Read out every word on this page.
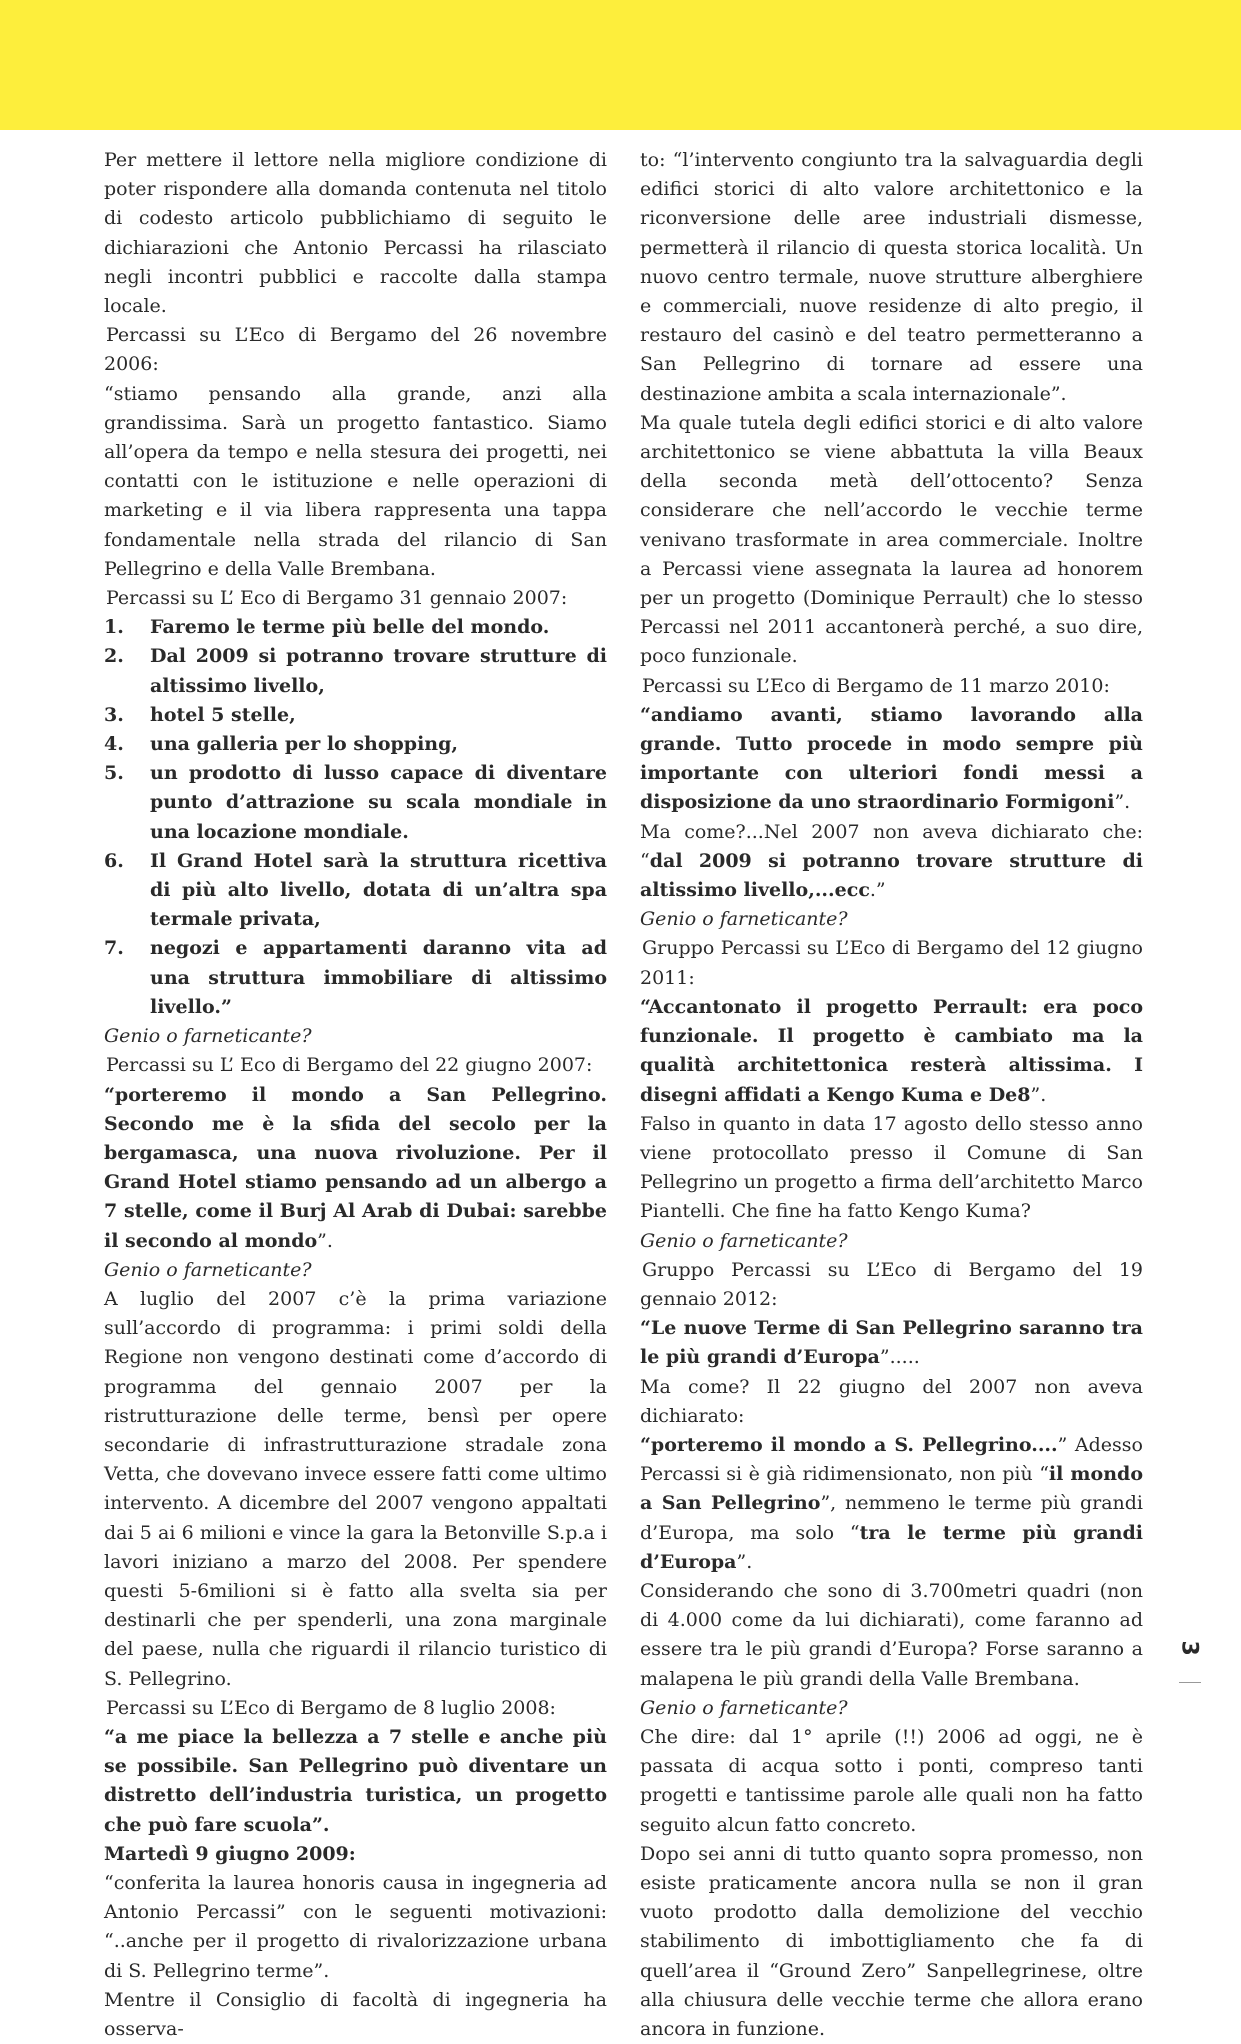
Per mettere il lettore nella migliore condizione di poter rispondere alla domanda contenuta nel titolo di codesto articolo pubblichiamo di seguito le dichiarazioni che Antonio Percassi ha rilasciato negli incontri pubblici e raccolte dalla stampa locale.

Percassi su L’Eco di Bergamo del 26 novembre 2006:

“stiamo pensando alla grande, anzi alla grandissima. Sarà un progetto fantastico. Siamo all’opera da tempo e nella stesura dei progetti, nei contatti con le istituzione e nelle operazioni di marketing e il via libera rappresenta una tappa fondamentale nella strada del rilancio di San Pellegrino e della Valle Brembana.

Percassi su L’ Eco di Bergamo 31 gennaio 2007:

1.	Faremo le terme più belle del mondo.
2.	Dal 2009 si potranno trovare strutture di altissimo livello,
3.	hotel 5 stelle,
4.	una galleria per lo shopping,
5.	un prodotto di lusso capace di diventare punto d’attrazione su scala mondiale in una locazione mondiale.
6.	Il Grand Hotel sarà la struttura ricettiva di più alto livello, dotata di un’altra spa termale privata,
7.	negozi e appartamenti daranno vita ad una struttura immobiliare di altissimo livello.”

Genio o farneticante?

Percassi su L’ Eco di Bergamo del 22 giugno 2007:

“porteremo il mondo a San Pellegrino. Secondo me è la sfida del secolo per la bergamasca, una nuova rivoluzione. Per il Grand Hotel stiamo pensando ad un albergo a 7 stelle, come il Burj Al Arab di Dubai: sarebbe il secondo al mondo”.

Genio o farneticante?

A luglio del 2007 c’è la prima variazione sull’accordo di programma: i primi soldi della Regione non vengono destinati come d’accordo di programma del gennaio 2007 per la ristrutturazione delle terme, bensì per opere secondarie di infrastrutturazione stradale zona Vetta, che dovevano invece essere fatti come ultimo intervento. A dicembre del 2007 vengono appaltati dai 5 ai 6 milioni e vince la gara la Betonville S.p.a i lavori iniziano a marzo del 2008. Per spendere questi 5-6milioni si è fatto alla svelta sia per destinarli che per spenderli, una zona marginale del paese, nulla che riguardi il rilancio turistico di S. Pellegrino.

Percassi su L’Eco di Bergamo de 8 luglio 2008:

“a me piace la bellezza a 7 stelle e anche più se possibile. San Pellegrino può diventare un distretto dell’industria turistica, un progetto che può fare scuola”.

Martedì 9 giugno 2009:

“conferita la laurea honoris causa in ingegneria ad Antonio Percassi” con le seguenti motivazioni: “..anche per il progetto di rivalorizzazione urbana di S. Pellegrino terme”.

Mentre il Consiglio di facoltà di ingegneria ha osserva-

to: “l’intervento congiunto tra la salvaguardia degli edifici storici di alto valore architettonico e la riconversione delle aree industriali dismesse, permetterà il rilancio di questa storica località. Un nuovo centro termale, nuove strutture alberghiere e commerciali, nuove residenze di alto pregio, il restauro del casinò e del teatro permetteranno a San Pellegrino di tornare ad essere una destinazione ambita a scala internazionale”.

Ma quale tutela degli edifici storici e di alto valore architettonico se viene abbattuta la villa Beaux della seconda metà dell’ottocento? Senza considerare che nell’accordo le vecchie terme venivano trasformate in area commerciale. Inoltre a Percassi viene assegnata la laurea ad honorem per un progetto (Dominique Perrault) che lo stesso Percassi nel 2011 accantonerà perché, a suo dire, poco funzionale.

Percassi su L’Eco di Bergamo de 11 marzo 2010:

“andiamo avanti, stiamo lavorando alla grande. Tutto procede in modo sempre più importante con ulteriori fondi messi a disposizione da uno straordinario Formigoni”.

Ma come?...Nel 2007 non aveva dichiarato che: “dal 2009 si potranno trovare strutture di altissimo livello,...ecc.”

Genio o farneticante?

Gruppo Percassi su L’Eco di Bergamo del 12 giugno 2011:

“Accantonato il progetto Perrault: era poco funzionale. Il progetto è cambiato ma la qualità architettonica resterà altissima. I disegni affidati a Kengo Kuma e De8”.

Falso in quanto in data 17 agosto dello stesso anno viene protocollato presso il Comune di San Pellegrino un progetto a firma dell’architetto Marco Piantelli. Che fine ha fatto Kengo Kuma?

Genio o farneticante?

Gruppo Percassi su L’Eco di Bergamo del 19 gennaio 2012:

“Le nuove Terme di San Pellegrino saranno tra le più grandi d’Europa”.....

Ma come? Il 22 giugno del 2007 non aveva dichiarato:

“porteremo il mondo a S. Pellegrino....” Adesso Percassi si è già ridimensionato, non più “il mondo a San Pellegrino”, nemmeno le terme più grandi d’Europa, ma solo “tra le terme più grandi d’Europa”.

Considerando che sono di 3.700metri quadri (non di 4.000 come da lui dichiarati), come faranno ad essere tra le più grandi d’Europa? Forse saranno a malapena le più grandi della Valle Brembana.

Genio o farneticante?

Che dire: dal 1° aprile (!!) 2006 ad oggi, ne è passata di acqua sotto i ponti, compreso tanti progetti e tantissime parole alle quali non ha fatto seguito alcun fatto concreto.

Dopo sei anni di tutto quanto sopra promesso, non esiste praticamente ancora nulla se non il gran vuoto prodotto dalla demolizione del vecchio stabilimento di imbottigliamento che fa di quell’area il “Ground Zero” Sanpellegrinese, oltre alla chiusura delle vecchie terme che allora erano ancora in funzione.

3
